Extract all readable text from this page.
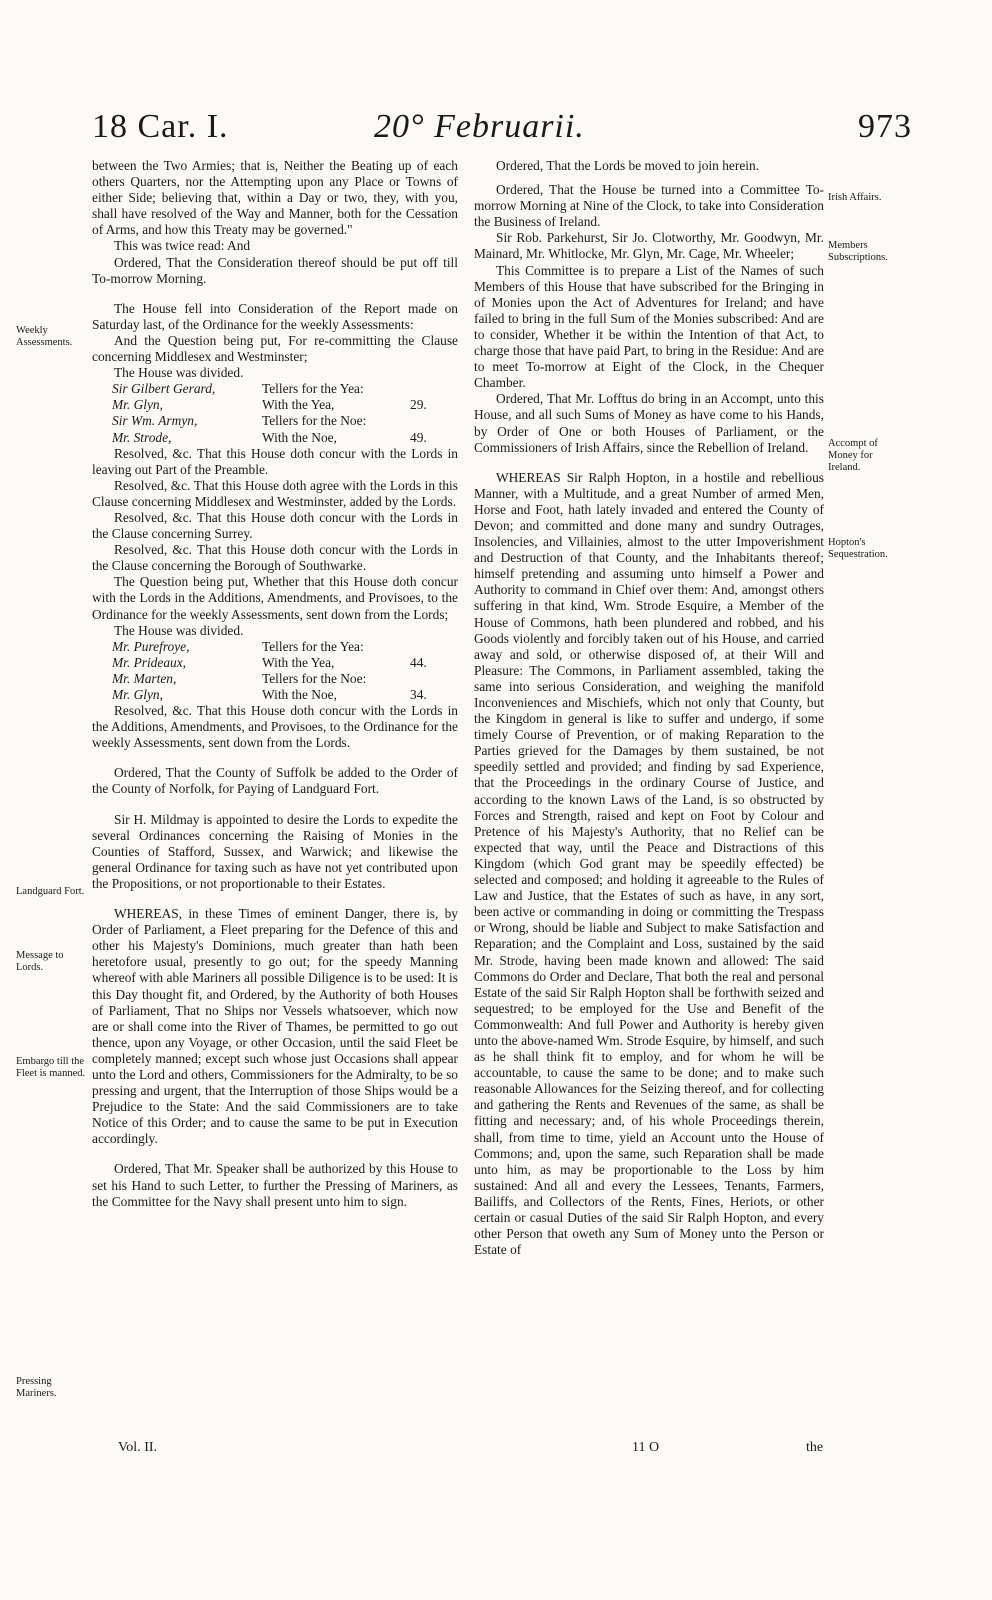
18 Car. I.	20° Februarii.	973
Weekly Assessments.
Landguard Fort.
Message to Lords.
Embargo till the Fleet is manned.
Pressing Mariners.
Irish Affairs.
Members Subscriptions.
Accompt of Money for Ireland.
Hopton's Sequestration.

between the Two Armies; that is, Neither the Beating up of each others Quarters, nor the Attempting upon any Place or Towns of either Side; believing that, within a Day or two, they, with you, shall have resolved of the Way and Manner, both for the Cessation of Arms, and how this Treaty may be governed."

This was twice read: And

Ordered, That the Consideration thereof should be put off till To-morrow Morning.

The House fell into Consideration of the Report made on Saturday last, of the Ordinance for the weekly Assessments:

And the Question being put, For re-committing the Clause concerning Middlesex and Westminster;

The House was divided.

Sir Gilbert Gerard,	Tellers for the Yea:
Mr. Glyn,	With the Yea,	29.
Sir Wm. Armyn,	Tellers for the Noe:
Mr. Strode,	With the Noe,	49.

Resolved, &c. That this House doth concur with the Lords in leaving out Part of the Preamble.

Resolved, &c. That this House doth agree with the Lords in this Clause concerning Middlesex and Westminster, added by the Lords.

Resolved, &c. That this House doth concur with the Lords in the Clause concerning Surrey.

Resolved, &c. That this House doth concur with the Lords in the Clause concerning the Borough of Southwarke.

The Question being put, Whether that this House doth concur with the Lords in the Additions, Amendments, and Provisoes, to the Ordinance for the weekly Assessments, sent down from the Lords;

The House was divided.

Mr. Purefroye,	Tellers for the Yea:
Mr. Prideaux,	With the Yea,	44.
Mr. Marten,	Tellers for the Noe:
Mr. Glyn,	With the Noe,	34.

Resolved, &c. That this House doth concur with the Lords in the Additions, Amendments, and Provisoes, to the Ordinance for the weekly Assessments, sent down from the Lords.

Ordered, That the County of Suffolk be added to the Order of the County of Norfolk, for Paying of Landguard Fort.

Sir H. Mildmay is appointed to desire the Lords to expedite the several Ordinances concerning the Raising of Monies in the Counties of Stafford, Sussex, and Warwick; and likewise the general Ordinance for taxing such as have not yet contributed upon the Propositions, or not proportionable to their Estates.

WHEREAS, in these Times of eminent Danger, there is, by Order of Parliament, a Fleet preparing for the Defence of this and other his Majesty's Dominions, much greater than hath been heretofore usual, presently to go out; for the speedy Manning whereof with able Mariners all possible Diligence is to be used: It is this Day thought fit, and Ordered, by the Authority of both Houses of Parliament, That no Ships nor Vessels whatsoever, which now are or shall come into the River of Thames, be permitted to go out thence, upon any Voyage, or other Occasion, until the said Fleet be completely manned; except such whose just Occasions shall appear unto the Lord and others, Commissioners for the Admiralty, to be so pressing and urgent, that the Interruption of those Ships would be a Prejudice to the State: And the said Commissioners are to take Notice of this Order; and to cause the same to be put in Execution accordingly.

Ordered, That Mr. Speaker shall be authorized by this House to set his Hand to such Letter, to further the Pressing of Mariners, as the Committee for the Navy shall present unto him to sign.

Ordered, That the Lords be moved to join herein.

Ordered, That the House be turned into a Committee To-morrow Morning at Nine of the Clock, to take into Consideration the Business of Ireland.

Sir Rob. Parkehurst, Sir Jo. Clotworthy, Mr. Goodwyn, Mr. Mainard, Mr. Whitlocke, Mr. Glyn, Mr. Cage, Mr. Wheeler;

This Committee is to prepare a List of the Names of such Members of this House that have subscribed for the Bringing in of Monies upon the Act of Adventures for Ireland; and have failed to bring in the full Sum of the Monies subscribed: And are to consider, Whether it be within the Intention of that Act, to charge those that have paid Part, to bring in the Residue: And are to meet To-morrow at Eight of the Clock, in the Chequer Chamber.

Ordered, That Mr. Lofftus do bring in an Accompt, unto this House, and all such Sums of Money as have come to his Hands, by Order of One or both Houses of Parliament, or the Commissioners of Irish Affairs, since the Rebellion of Ireland.

WHEREAS Sir Ralph Hopton, in a hostile and rebellious Manner, with a Multitude, and a great Number of armed Men, Horse and Foot, hath lately invaded and entered the County of Devon; and committed and done many and sundry Outrages, Insolencies, and Villainies, almost to the utter Impoverishment and Destruction of that County, and the Inhabitants thereof; himself pretending and assuming unto himself a Power and Authority to command in Chief over them: And, amongst others suffering in that kind, Wm. Strode Esquire, a Member of the House of Commons, hath been plundered and robbed, and his Goods violently and forcibly taken out of his House, and carried away and sold, or otherwise disposed of, at their Will and Pleasure: The Commons, in Parliament assembled, taking the same into serious Consideration, and weighing the manifold Inconveniences and Mischiefs, which not only that County, but the Kingdom in general is like to suffer and undergo, if some timely Course of Prevention, or of making Reparation to the Parties grieved for the Damages by them sustained, be not speedily settled and provided; and finding by sad Experience, that the Proceedings in the ordinary Course of Justice, and according to the known Laws of the Land, is so obstructed by Forces and Strength, raised and kept on Foot by Colour and Pretence of his Majesty's Authority, that no Relief can be expected that way, until the Peace and Distractions of this Kingdom (which God grant may be speedily effected) be selected and composed; and holding it agreeable to the Rules of Law and Justice, that the Estates of such as have, in any sort, been active or commanding in doing or committing the Trespass or Wrong, should be liable and Subject to make Satisfaction and Reparation; and the Complaint and Loss, sustained by the said Mr. Strode, having been made known and allowed: The said Commons do Order and Declare, That both the real and personal Estate of the said Sir Ralph Hopton shall be forthwith seized and sequestred; to be employed for the Use and Benefit of the Commonwealth: And full Power and Authority is hereby given unto the above-named Wm. Strode Esquire, by himself, and such as he shall think fit to employ, and for whom he will be accountable, to cause the same to be done; and to make such reasonable Allowances for the Seizing thereof, and for collecting and gathering the Rents and Revenues of the same, as shall be fitting and necessary; and, of his whole Proceedings therein, shall, from time to time, yield an Account unto the House of Commons; and, upon the same, such Reparation shall be made unto him, as may be proportionable to the Loss by him sustained: And all and every the Lessees, Tenants, Farmers, Bailiffs, and Collectors of the Rents, Fines, Heriots, or other certain or casual Duties of the said Sir Ralph Hopton, and every other Person that oweth any Sum of Money unto the Person or Estate of

Vol. II.	11 O	the
